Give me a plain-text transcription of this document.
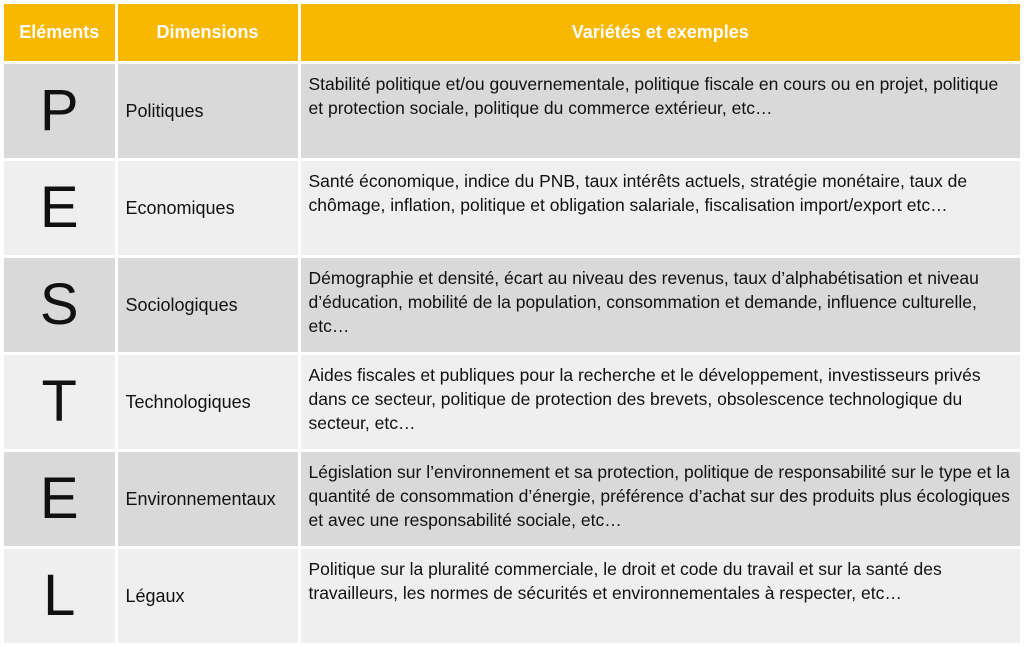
Eléments	Dimensions	Variétés et exemples
P	Politiques	Stabilité politique et/ou gouvernementale, politique fiscale en cours ou en projet, politique et protection sociale, politique du commerce extérieur, etc…
E	Economiques	Santé économique, indice du PNB, taux intérêts actuels, stratégie monétaire, taux de chômage, inflation, politique et obligation salariale, fiscalisation import/export etc…
S	Sociologiques	Démographie et densité, écart au niveau des revenus, taux d’alphabétisation et niveau d’éducation, mobilité de la population, consommation et demande, influence culturelle, etc…
T	Technologiques	Aides fiscales et publiques pour la recherche et le développement, investisseurs privés dans ce secteur, politique de protection des brevets, obsolescence technologique du secteur, etc…
E	Environnementaux	Législation sur l’environnement et sa protection, politique de responsabilité sur le type et la quantité de consommation d’énergie, préférence d’achat sur des produits plus écologiques et avec une responsabilité sociale, etc…
L	Légaux	Politique sur la pluralité commerciale, le droit et code du travail et sur la santé des travailleurs, les normes de sécurités et environnementales à respecter, etc…
